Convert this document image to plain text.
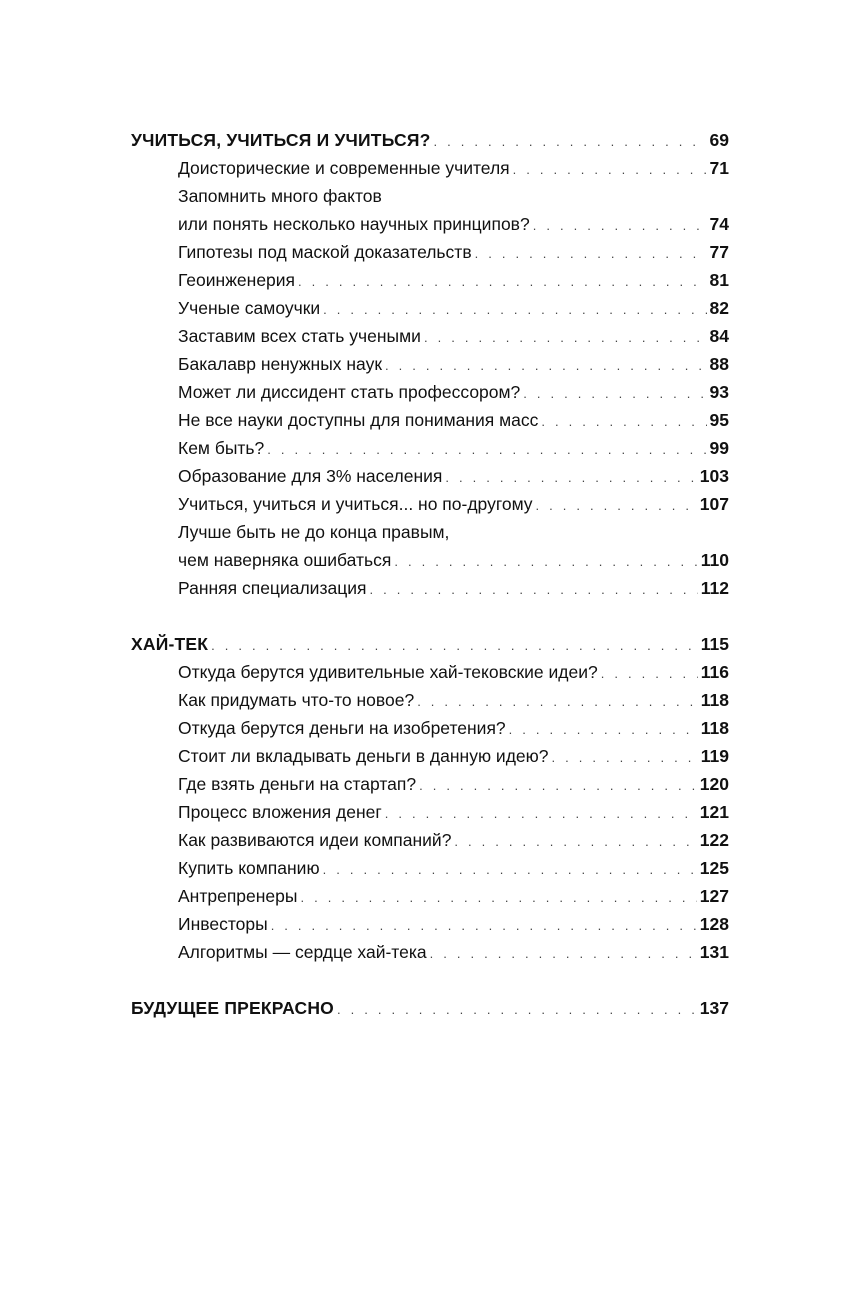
УЧИТЬСЯ, УЧИТЬСЯ И УЧИТЬСЯ? . . .	69
Доисторические и современные учителя . . .	71
Запомнить много фактов
или понять несколько научных принципов? . . .	74
Гипотезы под маской доказательств . . .	77
Геоинженерия . . .	81
Ученые самоучки . . .	82
Заставим всех стать учеными . . .	84
Бакалавр ненужных наук . . .	88
Может ли диссидент стать профессором? . . .	93
Не все науки доступны для понимания масс . . .	95
Кем быть? . . .	99
Образование для 3% населения . . .	103
Учиться, учиться и учиться... но по-другому . . .	107
Лучше быть не до конца правым,
чем наверняка ошибаться . . .	110
Ранняя специализация . . .	112
ХАЙ-ТЕК . . .	115
Откуда берутся удивительные хай-тековские идеи? . . .	116
Как придумать что-то новое? . . .	118
Откуда берутся деньги на изобретения? . . .	118
Стоит ли вкладывать деньги в данную идею? . . .	119
Где взять деньги на стартап? . . .	120
Процесс вложения денег . . .	121
Как развиваются идеи компаний? . . .	122
Купить компанию . . .	125
Антрепренеры . . .	127
Инвесторы . . .	128
Алгоритмы — сердце хай-тека . . .	131
БУДУЩЕЕ ПРЕКРАСНО . . .	137
